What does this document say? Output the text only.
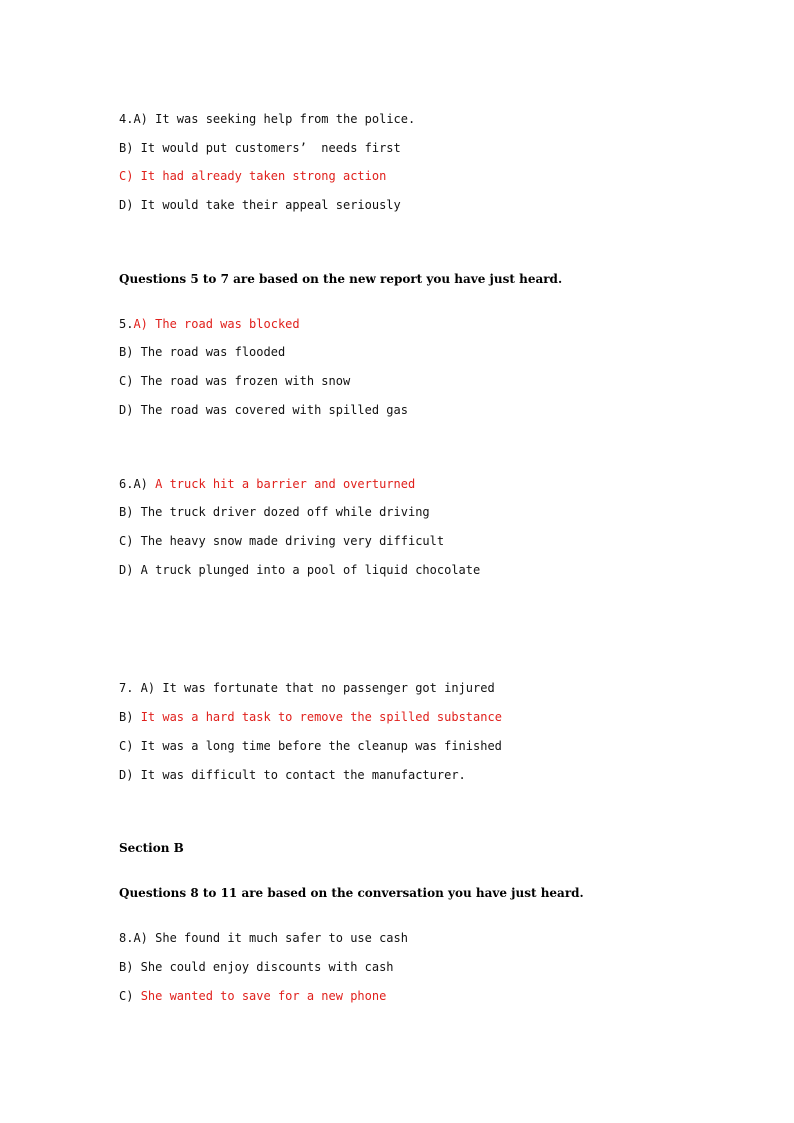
4.A) It was seeking help from the police.
B) It would put customers’  needs first
C) It had already taken strong action
D) It would take their appeal seriously
Questions 5 to 7 are based on the new report you have just heard.
5.A) The road was blocked
B) The road was flooded
C) The road was frozen with snow
D) The road was covered with spilled gas
6.A) A truck hit a barrier and overturned
B) The truck driver dozed off while driving
C) The heavy snow made driving very difficult
D) A truck plunged into a pool of liquid chocolate
7. A) It was fortunate that no passenger got injured
B) It was a hard task to remove the spilled substance
C) It was a long time before the cleanup was finished
D) It was difficult to contact the manufacturer.
Section B
Questions 8 to 11 are based on the conversation you have just heard.
8.A) She found it much safer to use cash
B) She could enjoy discounts with cash
C) She wanted to save for a new phone
